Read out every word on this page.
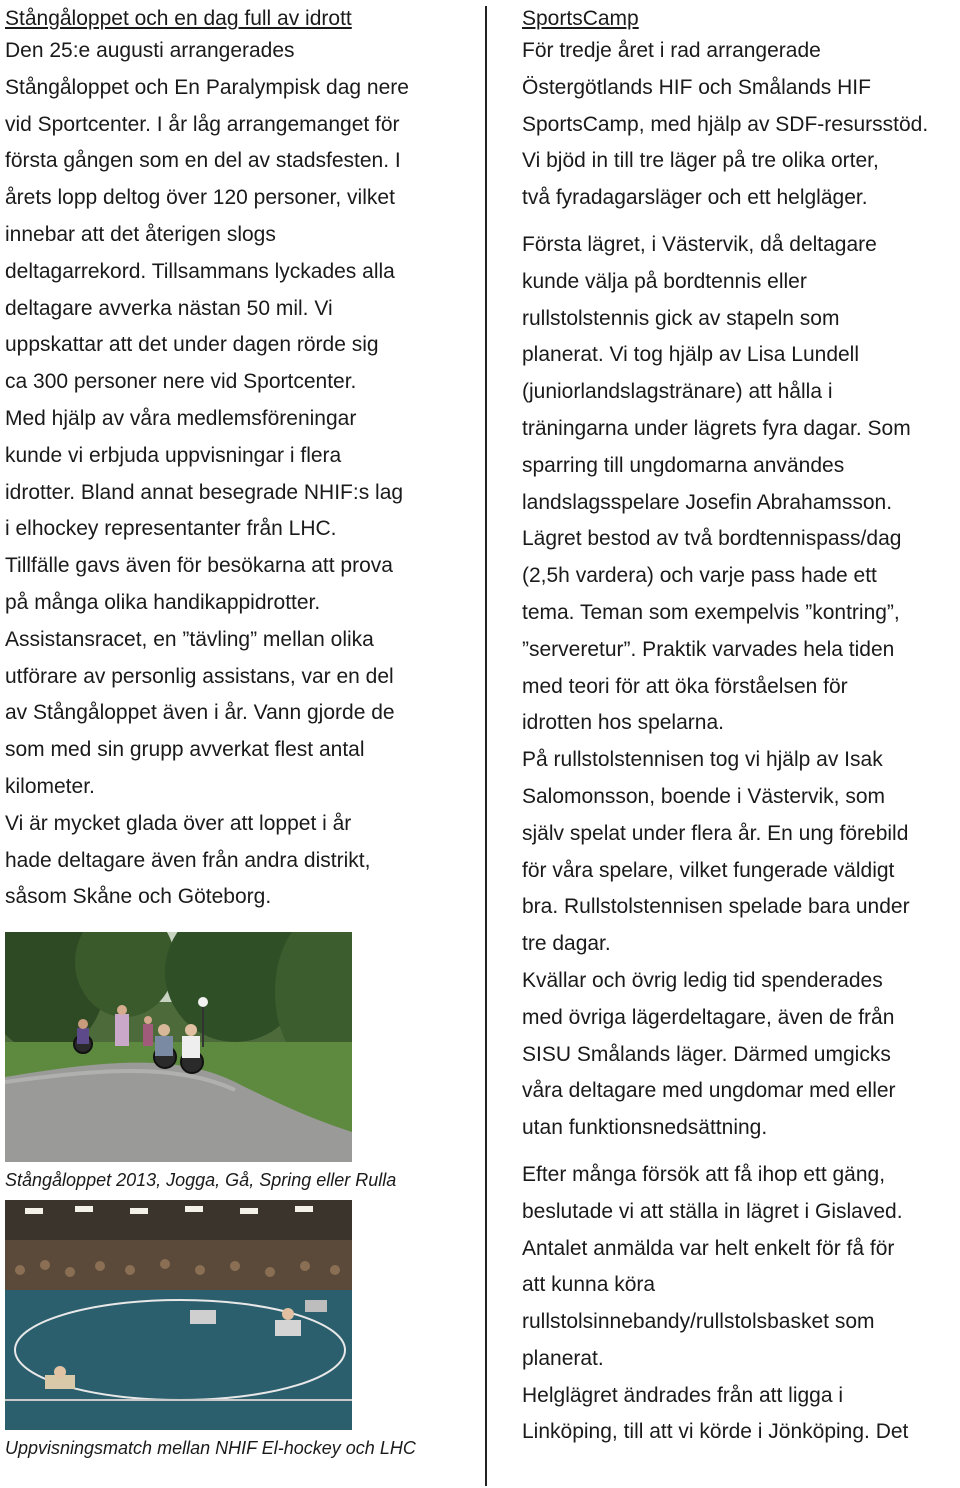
Stångåloppet och en dag full av idrott
Den 25:e augusti arrangerades
Stångåloppet och En Paralympisk dag nere
vid Sportcenter. I år låg arrangemanget för
första gången som en del av stadsfesten. I
årets lopp deltog över 120 personer, vilket
innebar att det återigen slogs
deltagarrekord. Tillsammans lyckades alla
deltagare avverka nästan 50 mil. Vi
uppskattar att det under dagen rörde sig
ca 300 personer nere vid Sportcenter.
Med hjälp av våra medlemsföreningar
kunde vi erbjuda uppvisningar i flera
idrotter. Bland annat besegrade NHIF:s lag
i elhockey representanter från LHC.
Tillfälle gavs även för besökarna att prova
på många olika handikappidrotter.
Assistansracet, en ”tävling” mellan olika
utförare av personlig assistans, var en del
av Stångåloppet även i år. Vann gjorde de
som med sin grupp avverkat flest antal
kilometer.
Vi är mycket glada över att loppet i år
hade deltagare även från andra distrikt,
såsom Skåne och Göteborg.
Stångåloppet 2013, Jogga, Gå, Spring eller Rulla
Uppvisningsmatch mellan NHIF El-hockey och LHC
SportsCamp
För tredje året i rad arrangerade
Östergötlands HIF och Smålands HIF
SportsCamp, med hjälp av SDF-resursstöd.
Vi bjöd in till tre läger på tre olika orter,
två fyradagarsläger och ett helgläger.
Första lägret, i Västervik, då deltagare
kunde välja på bordtennis eller
rullstolstennis gick av stapeln som
planerat. Vi tog hjälp av Lisa Lundell
(juniorlandslagstränare) att hålla i
träningarna under lägrets fyra dagar. Som
sparring till ungdomarna användes
landslagsspelare Josefin Abrahamsson.
Lägret bestod av två bordtennispass/dag
(2,5h vardera) och varje pass hade ett
tema. Teman som exempelvis ”kontring”,
”serveretur”. Praktik varvades hela tiden
med teori för att öka förståelsen för
idrotten hos spelarna.
På rullstolstennisen tog vi hjälp av Isak
Salomonsson, boende i Västervik, som
själv spelat under flera år. En ung förebild
för våra spelare, vilket fungerade väldigt
bra. Rullstolstennisen spelade bara under
tre dagar.
Kvällar och övrig ledig tid spenderades
med övriga lägerdeltagare, även de från
SISU Smålands läger. Därmed umgicks
våra deltagare med ungdomar med eller
utan funktionsnedsättning.
Efter många försök att få ihop ett gäng,
beslutade vi att ställa in lägret i Gislaved.
Antalet anmälda var helt enkelt för få för
att kunna köra
rullstolsinnebandy/rullstolsbasket som
planerat.
Helglägret ändrades från att ligga i
Linköping, till att vi körde i Jönköping. Det
